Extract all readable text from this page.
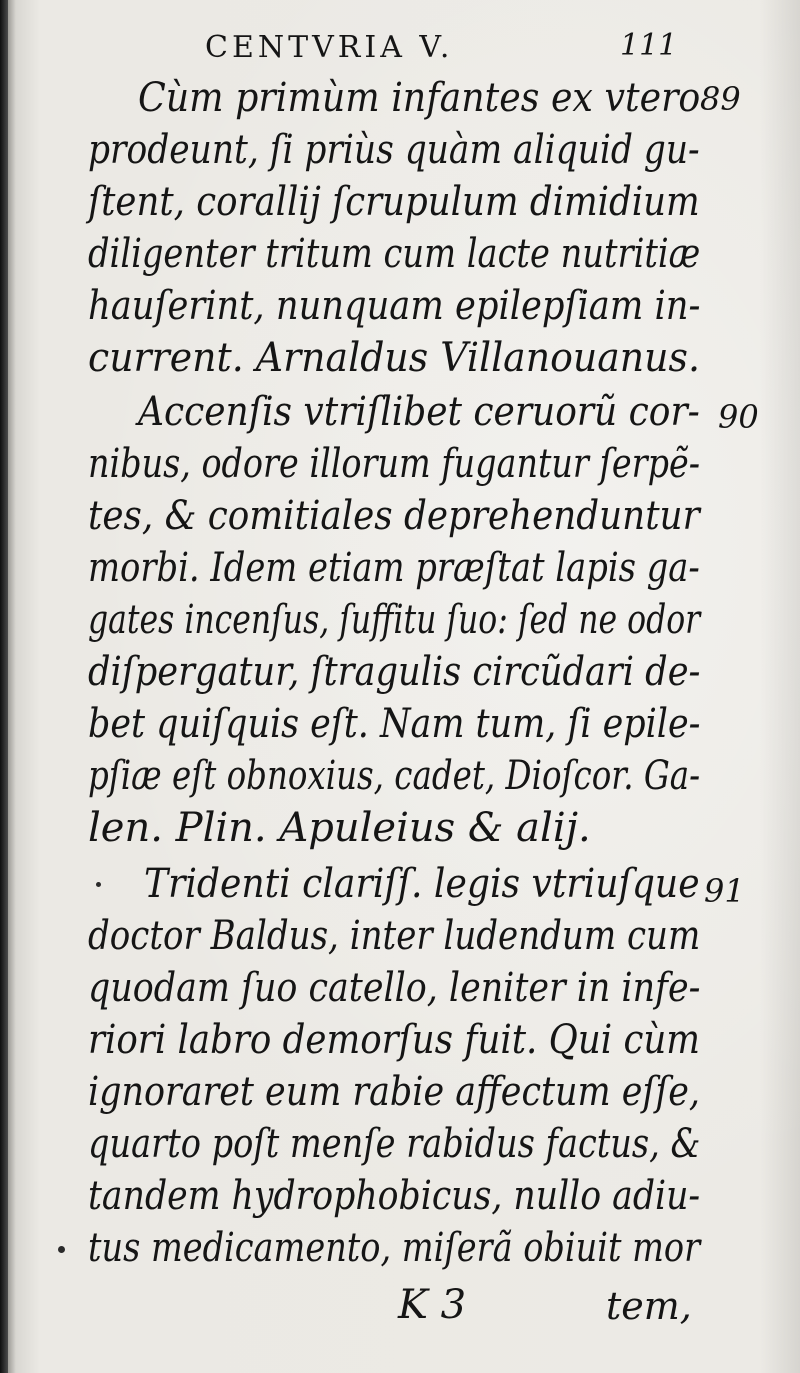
CENTVRIA V.	111
Cùm primùm infantes ex vtero
prodeunt, ſi priùs quàm aliquid gu-
ſtent, corallij ſcrupulum dimidium
diligenter tritum cum lacte nutritiæ
hauſerint, nunquam epilepſiam in-
current. Arnaldus Villanouanus.
Accenſis vtriſlibet ceruorũ cor-
nibus, odore illorum fugantur ſerpẽ-
tes, & comitiales deprehenduntur
morbi. Idem etiam præſtat lapis ga-
gates incenſus, ſuffitu ſuo: ſed ne odor
diſpergatur, ſtragulis circũdari de-
bet quiſquis eſt. Nam tum, ſi epile-
pſiæ eſt obnoxius, cadet, Dioſcor. Ga-
len. Plin. Apuleius & alij.
Tridenti clariſſ. legis vtriuſque
doctor Baldus, inter ludendum cum
quodam ſuo catello, leniter in infe-
riori labro demorſus fuit. Qui cùm
ignoraret eum rabie affectum eſſe,
quarto poſt menſe rabidus factus, &
tandem hydrophobicus, nullo adiu-
tus medicamento, miſerã obiuit mor
89
90
91
K 3	tem,
